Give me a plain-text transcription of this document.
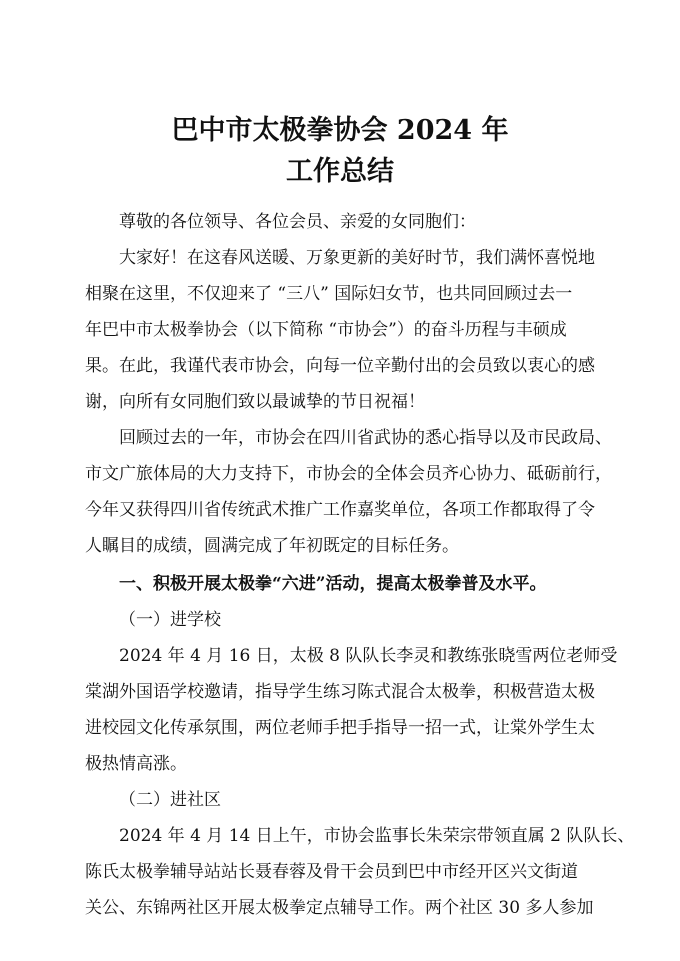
巴中市太极拳协会 2024 年
工作总结
尊敬的各位领导、各位会员、亲爱的女同胞们：
大家好！在这春风送暖、万象更新的美好时节，我们满怀喜悦地
相聚在这里，不仅迎来了 “三八” 国际妇女节，也共同回顾过去一
年巴中市太极拳协会（以下简称 “市协会”）的奋斗历程与丰硕成
果。在此，我谨代表市协会，向每一位辛勤付出的会员致以衷心的感
谢，向所有女同胞们致以最诚挚的节日祝福！
回顾过去的一年，市协会在四川省武协的悉心指导以及市民政局、
市文广旅体局的大力支持下，市协会的全体会员齐心协力、砥砺前行，
今年又获得四川省传统武术推广工作嘉奖单位，各项工作都取得了令
人瞩目的成绩，圆满完成了年初既定的目标任务。
一、积极开展太极拳“六进”活动，提高太极拳普及水平。
（一）进学校
2024 年 4 月 16 日，太极 8 队队长李灵和教练张晓雪两位老师受
棠湖外国语学校邀请，指导学生练习陈式混合太极拳，积极营造太极
进校园文化传承氛围，两位老师手把手指导一招一式，让棠外学生太
极热情高涨。
（二）进社区
2024 年 4 月 14 日上午，市协会监事长朱荣宗带领直属 2 队队长、
陈氏太极拳辅导站站长聂春蓉及骨干会员到巴中市经开区兴文街道
关公、东锦两社区开展太极拳定点辅导工作。两个社区 30 多人参加
